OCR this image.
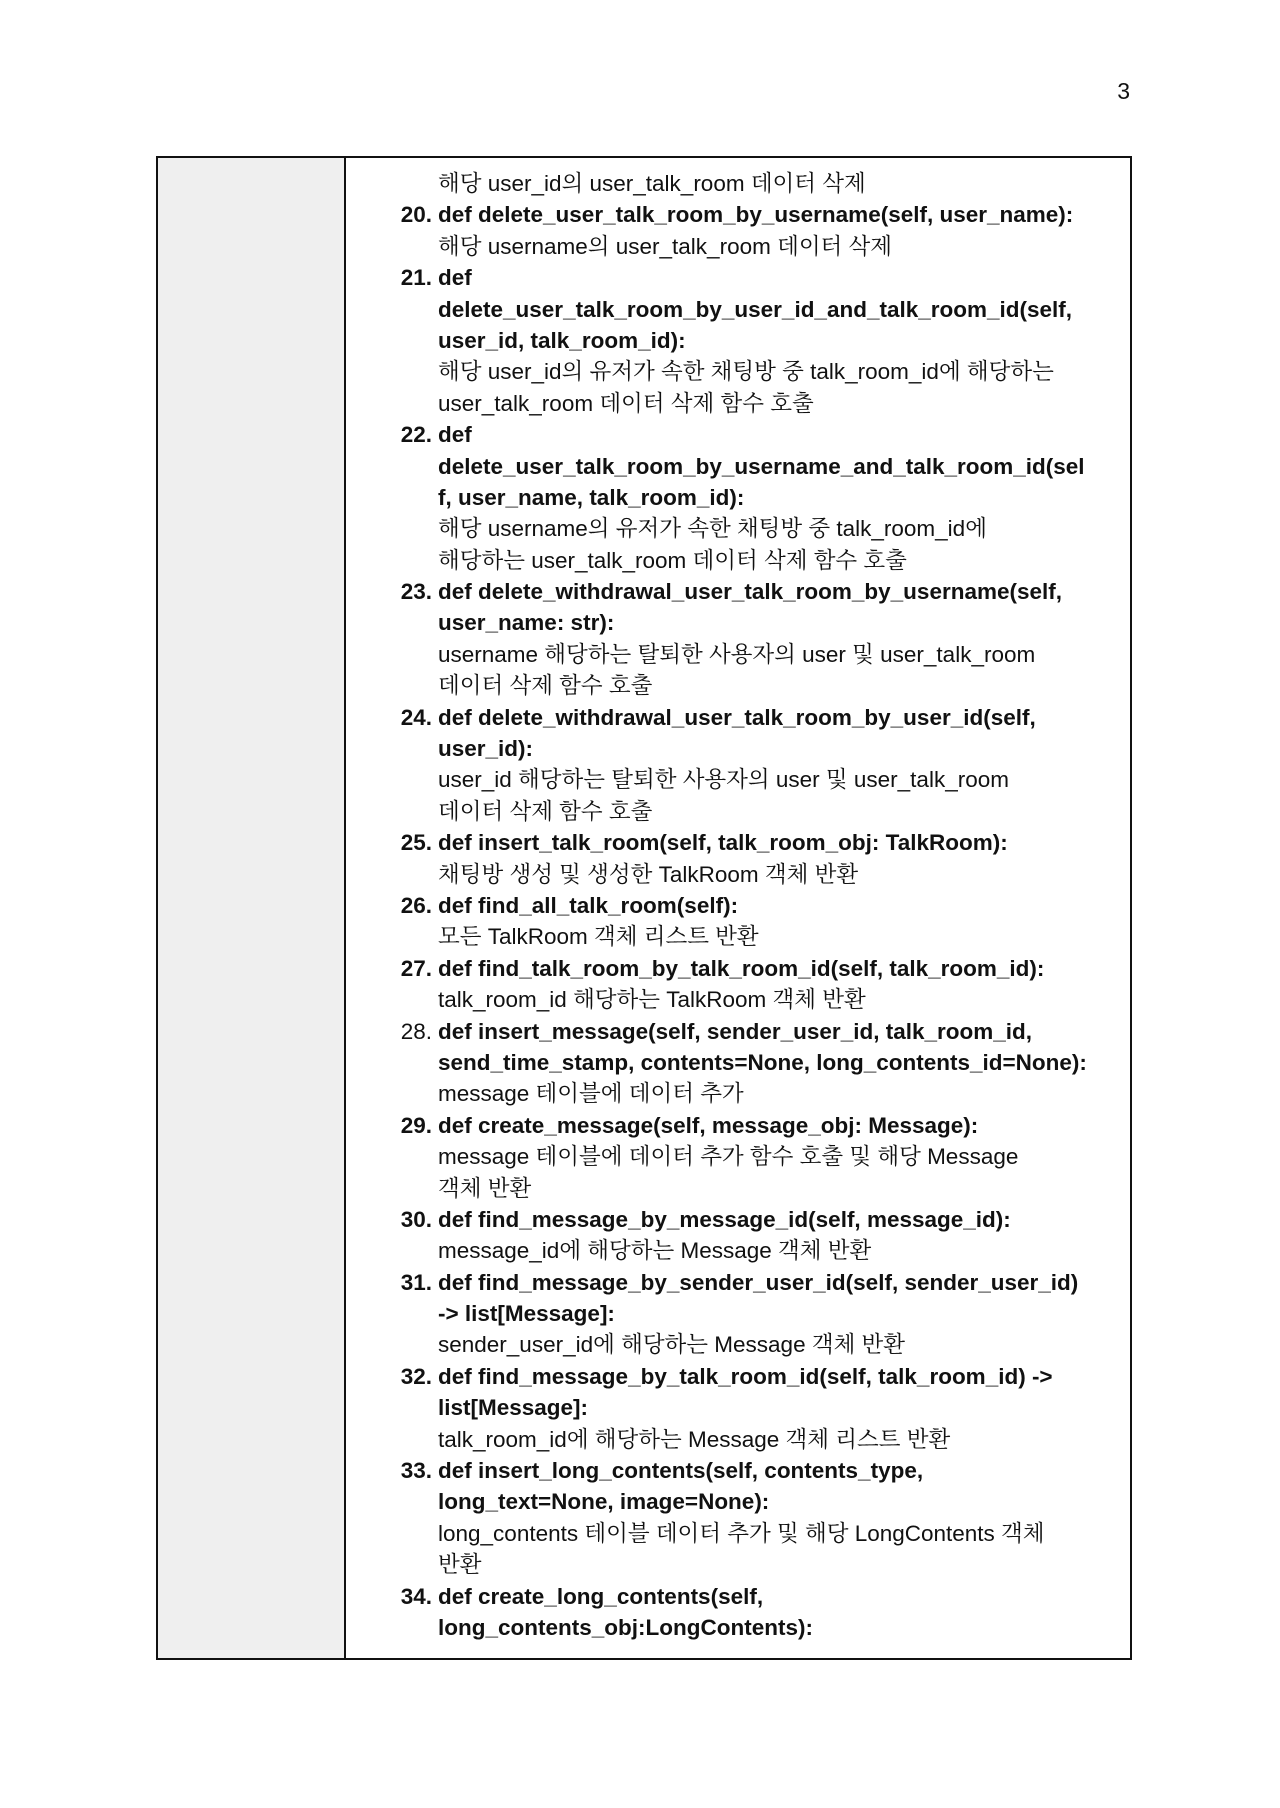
3
해당 user_id의 user_talk_room 데이터 삭제
20. def delete_user_talk_room_by_username(self, user_name):
해당 username의 user_talk_room 데이터 삭제
21. def
delete_user_talk_room_by_user_id_and_talk_room_id(self,
user_id, talk_room_id):
해당 user_id의 유저가 속한 채팅방 중 talk_room_id에 해당하는
user_talk_room 데이터 삭제 함수 호출
22. def
delete_user_talk_room_by_username_and_talk_room_id(sel
f, user_name, talk_room_id):
해당 username의 유저가 속한 채팅방 중 talk_room_id에
해당하는 user_talk_room 데이터 삭제 함수 호출
23. def delete_withdrawal_user_talk_room_by_username(self,
user_name: str):
username 해당하는 탈퇴한 사용자의 user 및 user_talk_room
데이터 삭제 함수 호출
24. def delete_withdrawal_user_talk_room_by_user_id(self,
user_id):
user_id 해당하는 탈퇴한 사용자의 user 및 user_talk_room
데이터 삭제 함수 호출
25. def insert_talk_room(self, talk_room_obj: TalkRoom):
채팅방 생성 및 생성한 TalkRoom 객체 반환
26. def find_all_talk_room(self):
모든 TalkRoom 객체 리스트 반환
27. def find_talk_room_by_talk_room_id(self, talk_room_id):
talk_room_id 해당하는 TalkRoom 객체 반환
28. def insert_message(self, sender_user_id, talk_room_id,
send_time_stamp, contents=None, long_contents_id=None):
message 테이블에 데이터 추가
29. def create_message(self, message_obj: Message):
message 테이블에 데이터 추가 함수 호출 및 해당 Message
객체 반환
30. def find_message_by_message_id(self, message_id):
message_id에 해당하는 Message 객체 반환
31. def find_message_by_sender_user_id(self, sender_user_id)
-> list[Message]:
sender_user_id에 해당하는 Message 객체 반환
32. def find_message_by_talk_room_id(self, talk_room_id) ->
list[Message]:
talk_room_id에 해당하는 Message 객체 리스트 반환
33. def insert_long_contents(self, contents_type,
long_text=None, image=None):
long_contents 테이블 데이터 추가 및 해당 LongContents 객체
반환
34. def create_long_contents(self,
long_contents_obj:LongContents):
